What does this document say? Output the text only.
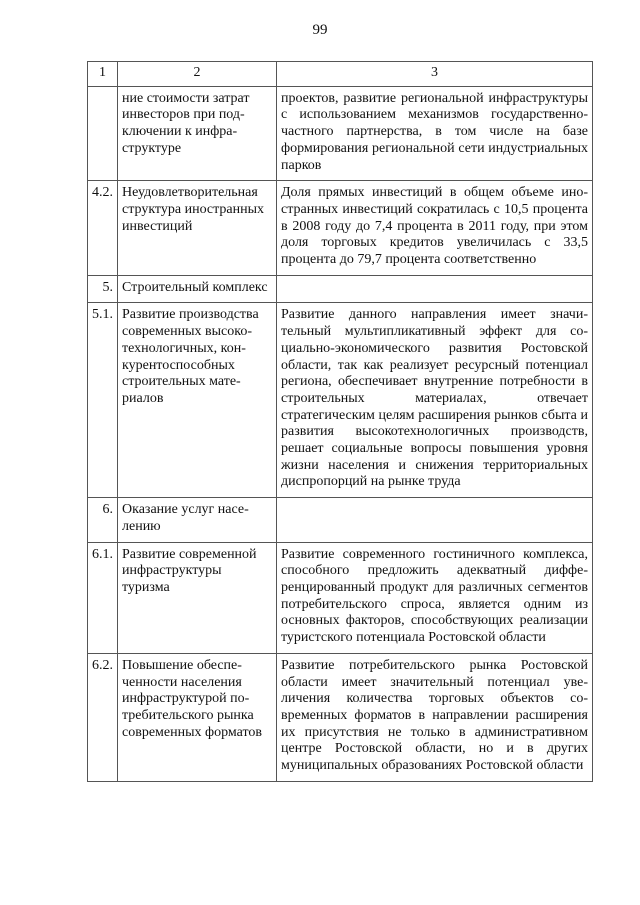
99
1	2	3
	ние стоимости затрат инвесторов при подключении к инфраструктуре	проектов, развитие региональной инфраструктуры с использованием механизмов государственно-частного партнерства, в том числе на базе формирования региональной сети индустриальных парков
4.2.	Неудовлетворительная структура иностранных инвестиций	Доля прямых инвестиций в общем объеме иностранных инвестиций сократилась с 10,5 процента в 2008 году до 7,4 процента в 2011 году, при этом доля торговых кредитов увеличилась с 33,5 процента до 79,7 процента соответственно
5.	Строительный комплекс	
5.1.	Развитие производства современных высокотехнологичных, конкурентоспособных строительных материалов	Развитие данного направления имеет значительный мультипликативный эффект для социально-экономического развития Ростовской области, так как реализует ресурсный потенциал региона, обеспечивает внутренние потребности в строительных материалах, отвечает стратегическим целям расширения рынков сбыта и развития высокотехнологичных производств, решает социальные вопросы повышения уровня жизни населения и снижения территориальных диспропорций на рынке труда
6.	Оказание услуг населению	
6.1.	Развитие современной инфраструктуры туризма	Развитие современного гостиничного комплекса, способного предложить адекватный дифференцированный продукт для различных сегментов потребительского спроса, является одним из основных факторов, способствующих реализации туристского потенциала Ростовской области
6.2.	Повышение обеспеченности населения инфраструктурой потребительского рынка современных форматов	Развитие потребительского рынка Ростовской области имеет значительный потенциал увеличения количества торговых объектов современных форматов в направлении расширения их присутствия не только в административном центре Ростовской области, но и в других муниципальных образованиях Ростовской области
